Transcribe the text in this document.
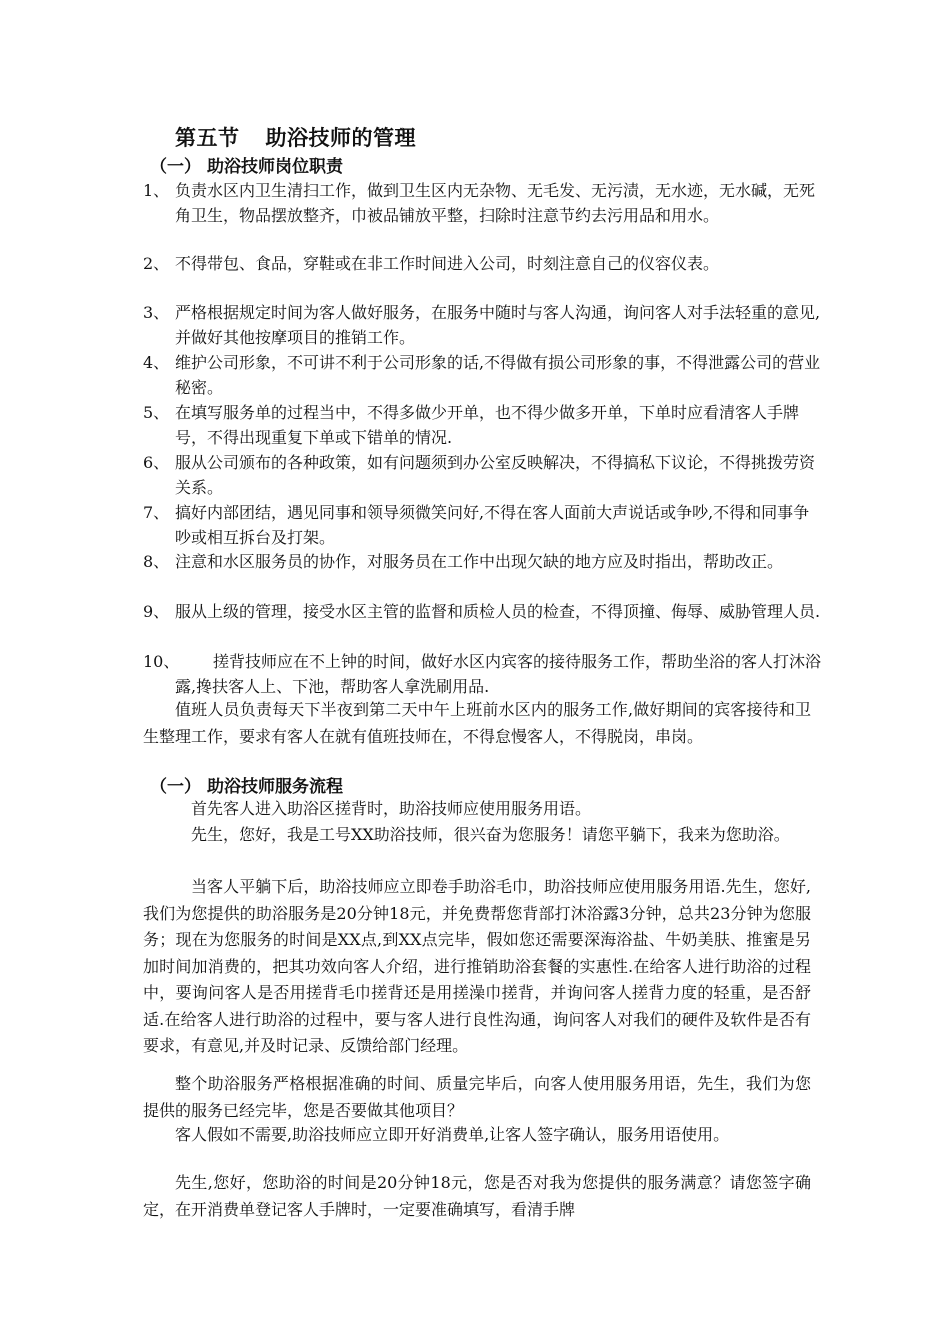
第五节 助浴技师的管理
（一） 助浴技师岗位职责
1、 负责水区内卫生清扫工作，做到卫生区内无杂物、无毛发、无污渍，无水迹，无水碱，无死角卫生，物品摆放整齐，巾被品铺放平整，扫除时注意节约去污用品和用水。
2、 不得带包、食品，穿鞋或在非工作时间进入公司，时刻注意自己的仪容仪表。
3、 严格根据规定时间为客人做好服务，在服务中随时与客人沟通，询问客人对手法轻重的意见,并做好其他按摩项目的推销工作。
4、 维护公司形象，不可讲不利于公司形象的话,不得做有损公司形象的事，不得泄露公司的营业秘密。
5、 在填写服务单的过程当中，不得多做少开单，也不得少做多开单，下单时应看清客人手牌号，不得出现重复下单或下错单的情况.
6、 服从公司颁布的各种政策，如有问题须到办公室反映解决，不得搞私下议论，不得挑拨劳资关系。
7、 搞好内部团结，遇见同事和领导须微笑问好,不得在客人面前大声说话或争吵,不得和同事争吵或相互拆台及打架。
8、 注意和水区服务员的协作，对服务员在工作中出现欠缺的地方应及时指出，帮助改正。
9、 服从上级的管理，接受水区主管的监督和质检人员的检查，不得顶撞、侮辱、威胁管理人员.
10、	搓背技师应在不上钟的时间，做好水区内宾客的接待服务工作，帮助坐浴的客人打沐浴露,搀扶客人上、下池，帮助客人拿洗刷用品.
值班人员负责每天下半夜到第二天中午上班前水区内的服务工作,做好期间的宾客接待和卫生整理工作，要求有客人在就有值班技师在，不得怠慢客人，不得脱岗，串岗。
（一） 助浴技师服务流程
首先客人进入助浴区搓背时，助浴技师应使用服务用语。
先生，您好，我是工号XX助浴技师，很兴奋为您服务！请您平躺下，我来为您助浴。
当客人平躺下后，助浴技师应立即卷手助浴毛巾，助浴技师应使用服务用语.先生，您好,我们为您提供的助浴服务是20分钟18元，并免费帮您背部打沐浴露3分钟，总共23分钟为您服务；现在为您服务的时间是XX点,到XX点完毕，假如您还需要深海浴盐、牛奶美肤、推蜜是另加时间加消费的，把其功效向客人介绍，进行推销助浴套餐的实惠性.在给客人进行助浴的过程中，要询问客人是否用搓背毛巾搓背还是用搓澡巾搓背，并询问客人搓背力度的轻重，是否舒适.在给客人进行助浴的过程中，要与客人进行良性沟通，询问客人对我们的硬件及软件是否有要求，有意见,并及时记录、反馈给部门经理。
整个助浴服务严格根据准确的时间、质量完毕后，向客人使用服务用语，先生，我们为您提供的服务已经完毕，您是否要做其他项目？
客人假如不需要,助浴技师应立即开好消费单,让客人签字确认，服务用语使用。
先生,您好，您助浴的时间是20分钟18元，您是否对我为您提供的服务满意？请您签字确定，在开消费单登记客人手牌时，一定要准确填写，看清手牌
